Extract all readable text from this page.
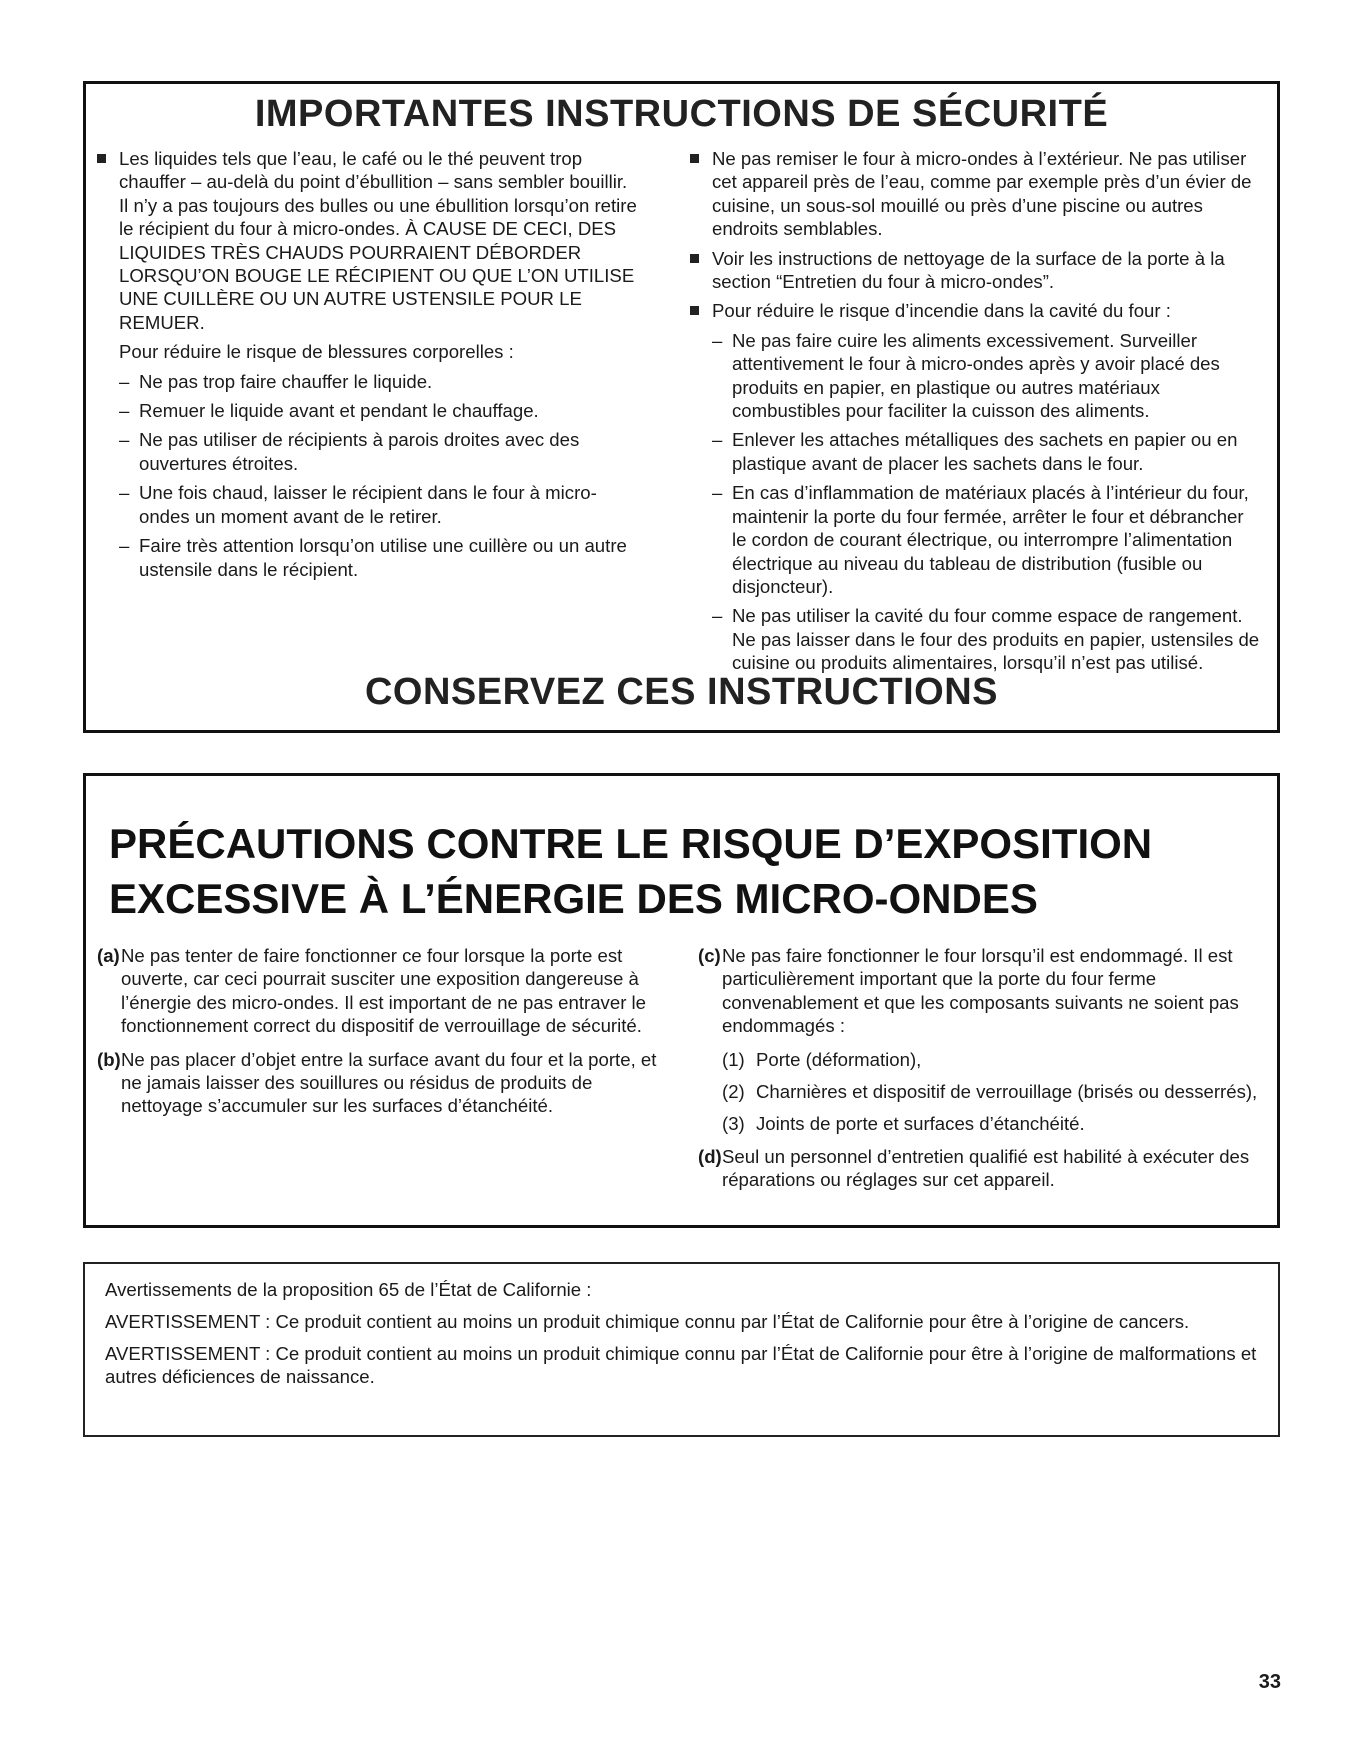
IMPORTANTES INSTRUCTIONS DE SÉCURITÉ
Les liquides tels que l’eau, le café ou le thé peuvent trop chauffer – au-delà du point d’ébullition – sans sembler bouillir. Il n’y a pas toujours des bulles ou une ébullition lorsqu’on retire le récipient du four à micro-ondes. À CAUSE DE CECI, DES LIQUIDES TRÈS CHAUDS POURRAIENT DÉBORDER LORSQU’ON BOUGE LE RÉCIPIENT OU QUE L’ON UTILISE UNE CUILLÈRE OU UN AUTRE USTENSILE POUR LE REMUER.
Pour réduire le risque de blessures corporelles :
– Ne pas trop faire chauffer le liquide.
– Remuer le liquide avant et pendant le chauffage.
– Ne pas utiliser de récipients à parois droites avec des ouvertures étroites.
– Une fois chaud, laisser le récipient dans le four à micro-ondes un moment avant de le retirer.
– Faire très attention lorsqu’on utilise une cuillère ou un autre ustensile dans le récipient.
Ne pas remiser le four à micro-ondes à l’extérieur. Ne pas utiliser cet appareil près de l’eau, comme par exemple près d’un évier de cuisine, un sous-sol mouillé ou près d’une piscine ou autres endroits semblables.
Voir les instructions de nettoyage de la surface de la porte à la section “Entretien du four à micro-ondes”.
Pour réduire le risque d’incendie dans la cavité du four :
– Ne pas faire cuire les aliments excessivement. Surveiller attentivement le four à micro-ondes après y avoir placé des produits en papier, en plastique ou autres matériaux combustibles pour faciliter la cuisson des aliments.
– Enlever les attaches métalliques des sachets en papier ou en plastique avant de placer les sachets dans le four.
– En cas d’inflammation de matériaux placés à l’intérieur du four, maintenir la porte du four fermée, arrêter le four et débrancher le cordon de courant électrique, ou interrompre l’alimentation électrique au niveau du tableau de distribution (fusible ou disjoncteur).
– Ne pas utiliser la cavité du four comme espace de rangement. Ne pas laisser dans le four des produits en papier, ustensiles de cuisine ou produits alimentaires, lorsqu’il n’est pas utilisé.
CONSERVEZ CES INSTRUCTIONS
PRÉCAUTIONS CONTRE LE RISQUE D’EXPOSITION
EXCESSIVE À L’ÉNERGIE DES MICRO-ONDES
(a) Ne pas tenter de faire fonctionner ce four lorsque la porte est ouverte, car ceci pourrait susciter une exposition dangereuse à l’énergie des micro-ondes. Il est important de ne pas entraver le fonctionnement correct du dispositif de verrouillage de sécurité.
(b) Ne pas placer d’objet entre la surface avant du four et la porte, et ne jamais laisser des souillures ou résidus de produits de nettoyage s’accumuler sur les surfaces d’étanchéité.
(c) Ne pas faire fonctionner le four lorsqu’il est endommagé. Il est particulièrement important que la porte du four ferme convenablement et que les composants suivants ne soient pas endommagés :
(1) Porte (déformation),
(2) Charnières et dispositif de verrouillage (brisés ou desserrés),
(3) Joints de porte et surfaces d’étanchéité.
(d) Seul un personnel d’entretien qualifié est habilité à exécuter des réparations ou réglages sur cet appareil.

Avertissements de la proposition 65 de l’État de Californie :

AVERTISSEMENT : Ce produit contient au moins un produit chimique connu par l’État de Californie pour être à l’origine de cancers.

AVERTISSEMENT : Ce produit contient au moins un produit chimique connu par l’État de Californie pour être à l’origine de malformations et autres déficiences de naissance.

33
